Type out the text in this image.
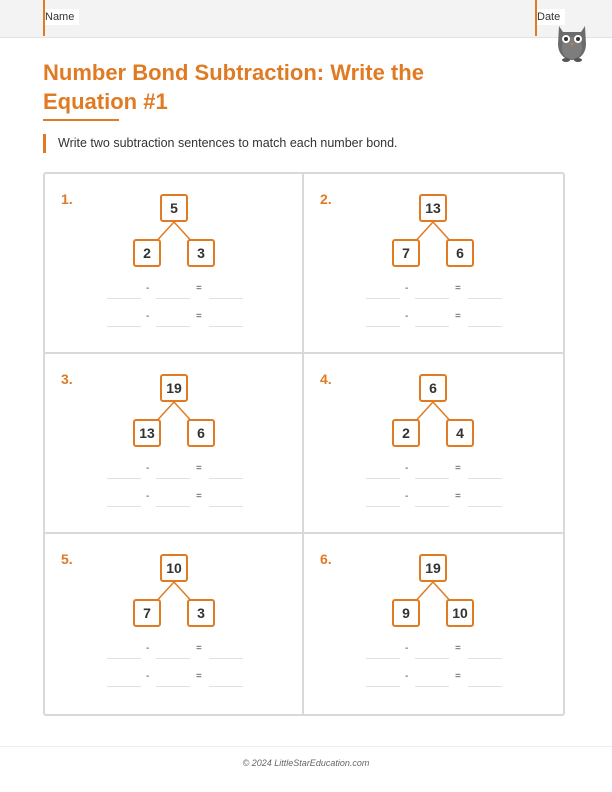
Name	Date
Number Bond Subtraction: Write the Equation #1
Write two subtraction sentences to match each number bond.
1.
5
2	3
-	=
-	=
2.
13
7	6
-	=
-	=
3.
19
13	6
-	=
-	=
4.
6
2	4
-	=
-	=
5.
10
7	3
-	=
-	=
6.
19
9	10
-	=
-	=
© 2024 LittleStarEducation.com
